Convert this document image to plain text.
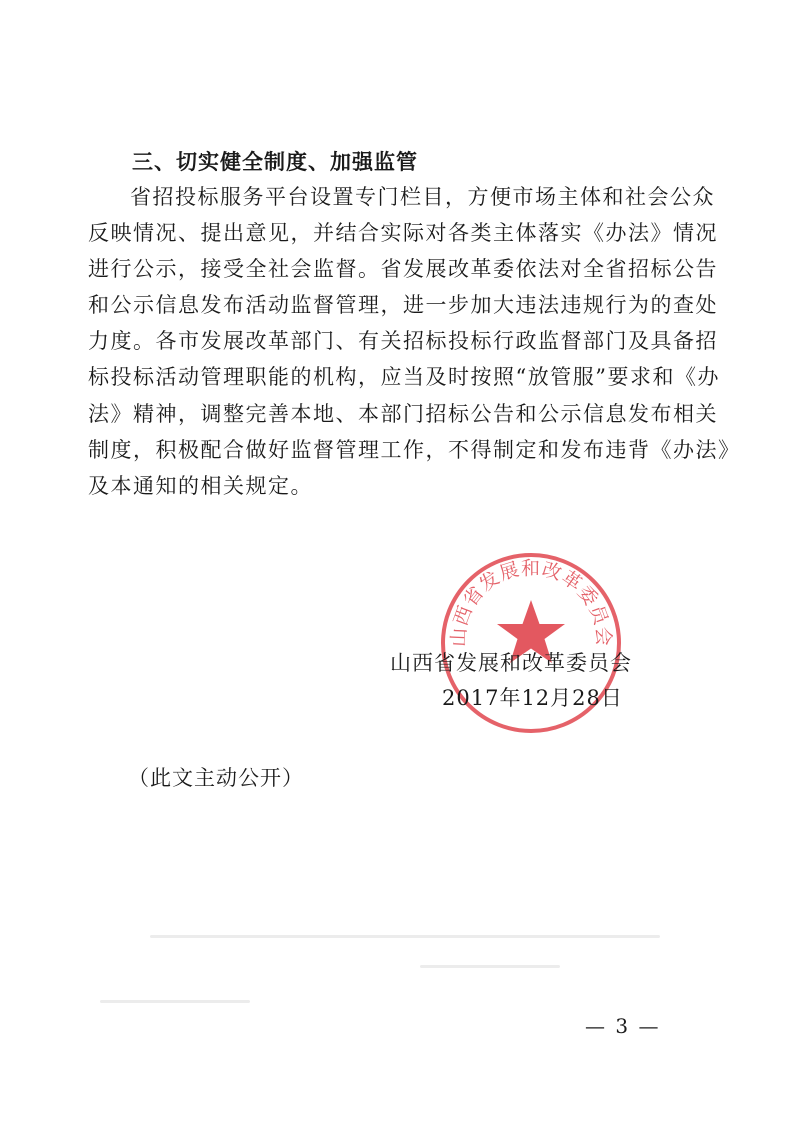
三、切实健全制度、加强监管
省招投标服务平台设置专门栏目，方便市场主体和社会公众
反映情况、提出意见，并结合实际对各类主体落实《办法》情况
进行公示，接受全社会监督。省发展改革委依法对全省招标公告
和公示信息发布活动监督管理，进一步加大违法违规行为的查处
力度。各市发展改革部门、有关招标投标行政监督部门及具备招
标投标活动管理职能的机构，应当及时按照“放管服”要求和《办
法》精神，调整完善本地、本部门招标公告和公示信息发布相关
制度，积极配合做好监督管理工作，不得制定和发布违背《办法》
及本通知的相关规定。
山西省发展和改革委员会
山西省发展和改革委员会
2017年12月28日
（此文主动公开）
— 3 —
